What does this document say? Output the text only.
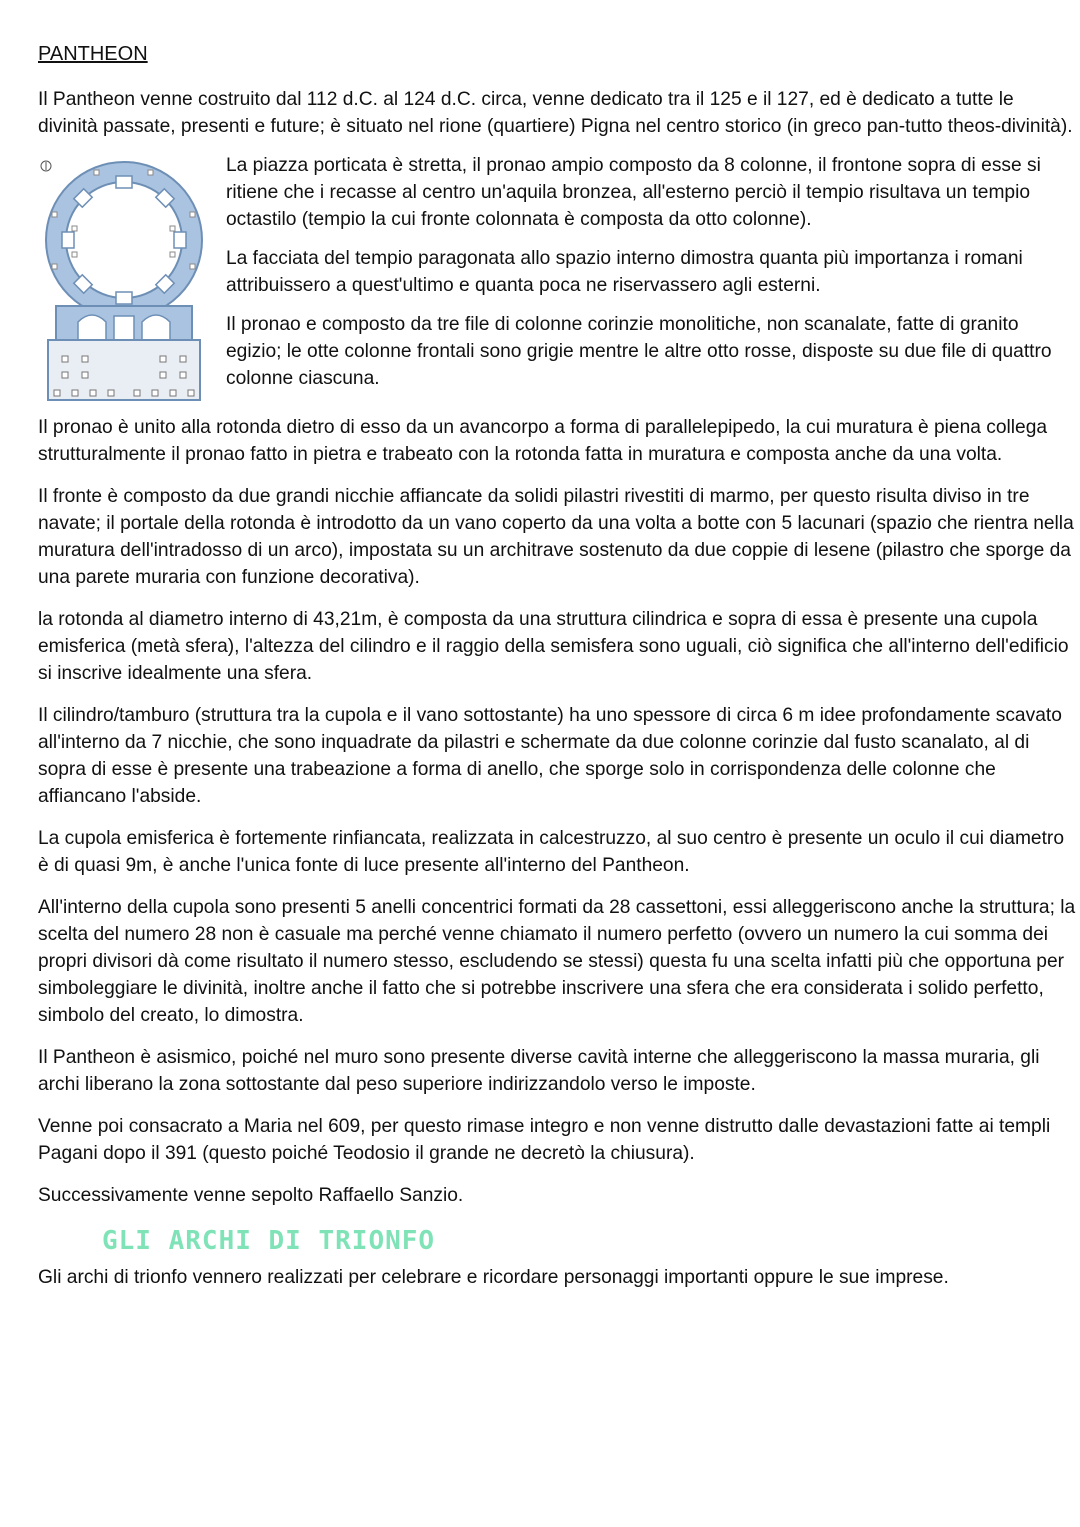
PANTHEON

Il Pantheon venne costruito dal 112 d.C. al 124 d.C. circa, venne dedicato tra il 125 e il 127, ed è dedicato a tutte le divinità passate, presenti e future; è situato nel rione (quartiere) Pigna nel centro storico (in greco pan-tutto theos-divinità).

La piazza porticata è stretta, il pronao ampio composto da 8 colonne, il frontone sopra di esse si ritiene che i recasse al centro un'aquila bronzea, all'esterno perciò il tempio risultava un tempio octastilo (tempio la cui fronte colonnata è composta da otto colonne).

La facciata del tempio paragonata allo spazio interno dimostra quanta più importanza i romani attribuissero a quest'ultimo e quanta poca ne riservassero agli esterni.

Il pronao e composto da tre file di colonne corinzie monolitiche, non scanalate, fatte di granito egizio; le otte colonne frontali sono grigie mentre le altre otto rosse, disposte su due file di quattro colonne ciascuna.

Il pronao è unito alla rotonda dietro di esso da un avancorpo a forma di parallelepipedo, la cui muratura è piena collega strutturalmente il pronao fatto in pietra e trabeato con la rotonda fatta in muratura e composta anche da una volta.

Il fronte è composto da due grandi nicchie affiancate da solidi pilastri rivestiti di marmo, per questo risulta diviso in tre navate; il portale della rotonda è introdotto da un vano coperto da una volta a botte con 5 lacunari (spazio che rientra nella muratura dell'intradosso di un arco), impostata su un architrave sostenuto da due coppie di lesene (pilastro che sporge da una parete muraria con funzione decorativa).

la rotonda al diametro interno di 43,21m, è composta da una struttura cilindrica e sopra di essa è presente una cupola emisferica (metà sfera), l'altezza del cilindro e il raggio della semisfera sono uguali, ciò significa che all'interno dell'edificio si inscrive idealmente una sfera.

Il cilindro/tamburo (struttura tra la cupola e il vano sottostante) ha uno spessore di circa 6 m idee profondamente scavato all'interno da 7 nicchie, che sono inquadrate da pilastri e schermate da due colonne corinzie dal fusto scanalato, al di sopra di esse è presente una trabeazione a forma di anello, che sporge solo in corrispondenza delle colonne che affiancano l'abside.

La cupola emisferica è fortemente rinfiancata, realizzata in calcestruzzo, al suo centro è presente un oculo il cui diametro è di quasi 9m, è anche l'unica fonte di luce presente all'interno del Pantheon.

All'interno della cupola sono presenti 5 anelli concentrici formati da 28 cassettoni, essi alleggeriscono anche la struttura; la scelta del numero 28 non è casuale ma perché venne chiamato il numero perfetto (ovvero un numero la cui somma dei propri divisori dà come risultato il numero stesso, escludendo se stessi) questa fu una scelta infatti più che opportuna per simboleggiare le divinità, inoltre anche il fatto che si potrebbe inscrivere una sfera che era considerata i solido perfetto, simbolo del creato, lo dimostra.

Il Pantheon è asismico, poiché nel muro sono presente diverse cavità interne che alleggeriscono la massa muraria, gli archi liberano la zona sottostante dal peso superiore indirizzandolo verso le imposte.

Venne poi consacrato a Maria nel 609, per questo rimase integro e non venne distrutto dalle devastazioni fatte ai templi Pagani dopo il 391 (questo poiché Teodosio il grande ne decretò la chiusura).

Successivamente venne sepolto Raffaello Sanzio.

GLI ARCHI DI TRIONFO

Gli archi di trionfo vennero realizzati per celebrare e ricordare personaggi importanti oppure le sue imprese.
